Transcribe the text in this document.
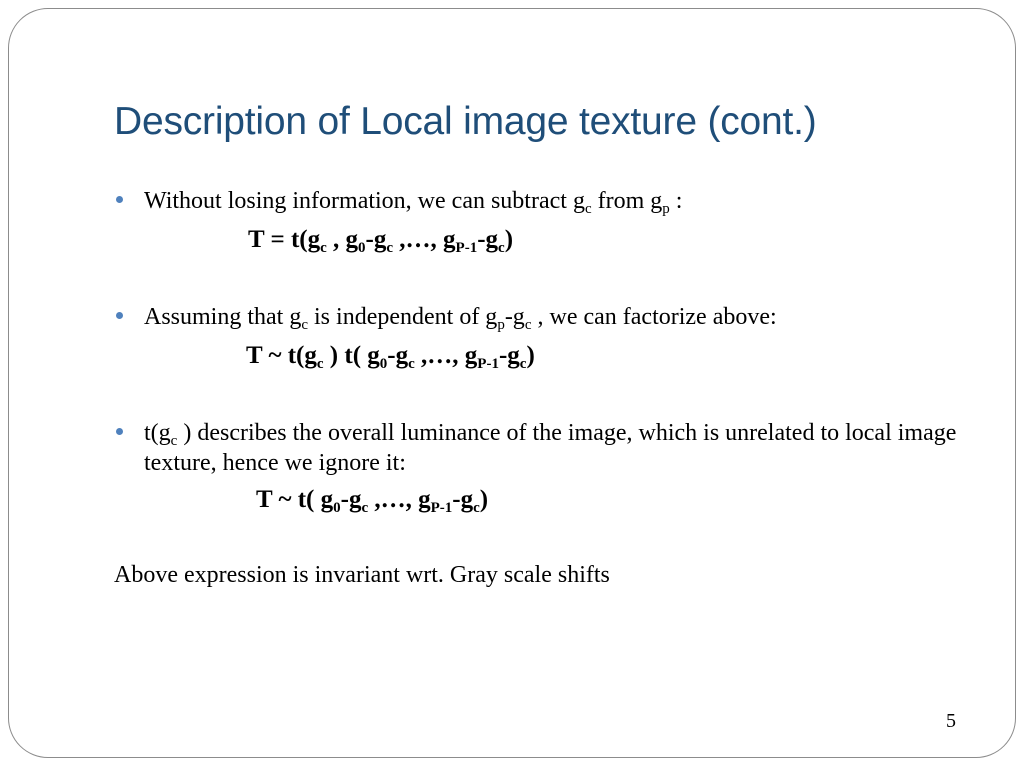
Description of Local image texture (cont.)
Without losing information, we can subtract $g_c$ from $g_p$ :
$T = t(g_c$ , $g_0-g_c$ ,…, $g_{P-1}-g_c$)
Assuming that $g_c$ is independent of $g_p-g_c$ , we can factorize above:
T ~ $t(g_c$ ) t( $g_0-g_c$ ,…, $g_{P-1}-g_c$)
$t(g_c$ ) describes the overall luminance of the image, which is unrelated to local image texture, hence we ignore it:
T ~ t( $g_0-g_c$ ,…, $g_{P-1}-g_c$)
Above expression is invariant wrt. Gray scale shifts
5
